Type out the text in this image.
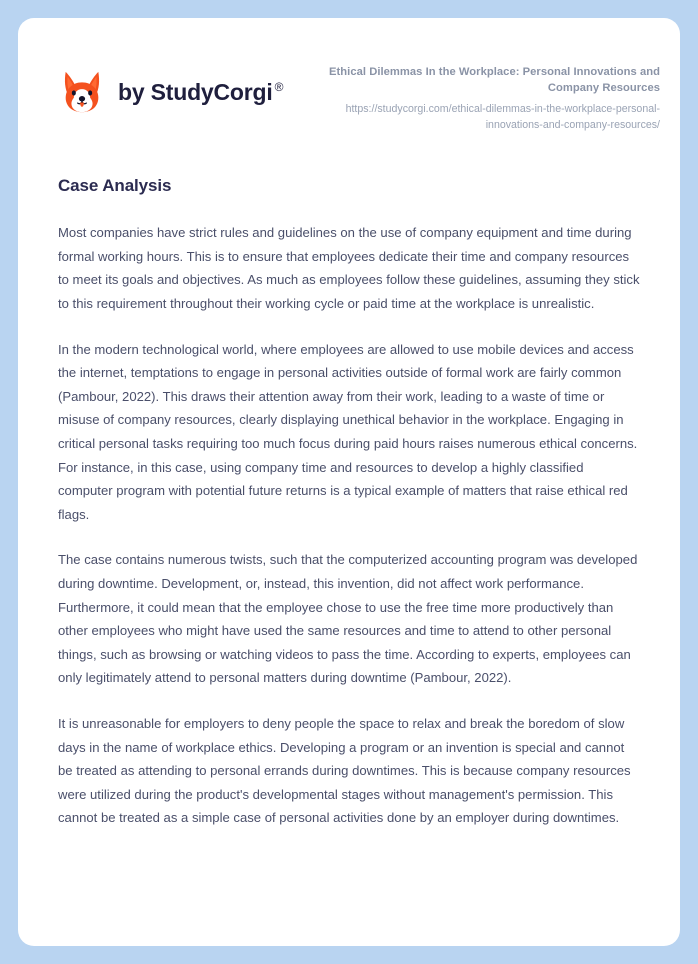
by StudyCorgi ®
Ethical Dilemmas In the Workplace: Personal Innovations and Company Resources
https://studycorgi.com/ethical-dilemmas-in-the-workplace-personal-innovations-and-company-resources/
Case Analysis

Most companies have strict rules and guidelines on the use of company equipment and time during formal working hours. This is to ensure that employees dedicate their time and company resources to meet its goals and objectives. As much as employees follow these guidelines, assuming they stick to this requirement throughout their working cycle or paid time at the workplace is unrealistic.

In the modern technological world, where employees are allowed to use mobile devices and access the internet, temptations to engage in personal activities outside of formal work are fairly common (Pambour, 2022). This draws their attention away from their work, leading to a waste of time or misuse of company resources, clearly displaying unethical behavior in the workplace. Engaging in critical personal tasks requiring too much focus during paid hours raises numerous ethical concerns. For instance, in this case, using company time and resources to develop a highly classified computer program with potential future returns is a typical example of matters that raise ethical red flags.

The case contains numerous twists, such that the computerized accounting program was developed during downtime. Development, or, instead, this invention, did not affect work performance. Furthermore, it could mean that the employee chose to use the free time more productively than other employees who might have used the same resources and time to attend to other personal things, such as browsing or watching videos to pass the time. According to experts, employees can only legitimately attend to personal matters during downtime (Pambour, 2022).

It is unreasonable for employers to deny people the space to relax and break the boredom of slow days in the name of workplace ethics. Developing a program or an invention is special and cannot be treated as attending to personal errands during downtimes. This is because company resources were utilized during the product's developmental stages without management's permission. This cannot be treated as a simple case of personal activities done by an employer during downtimes.
